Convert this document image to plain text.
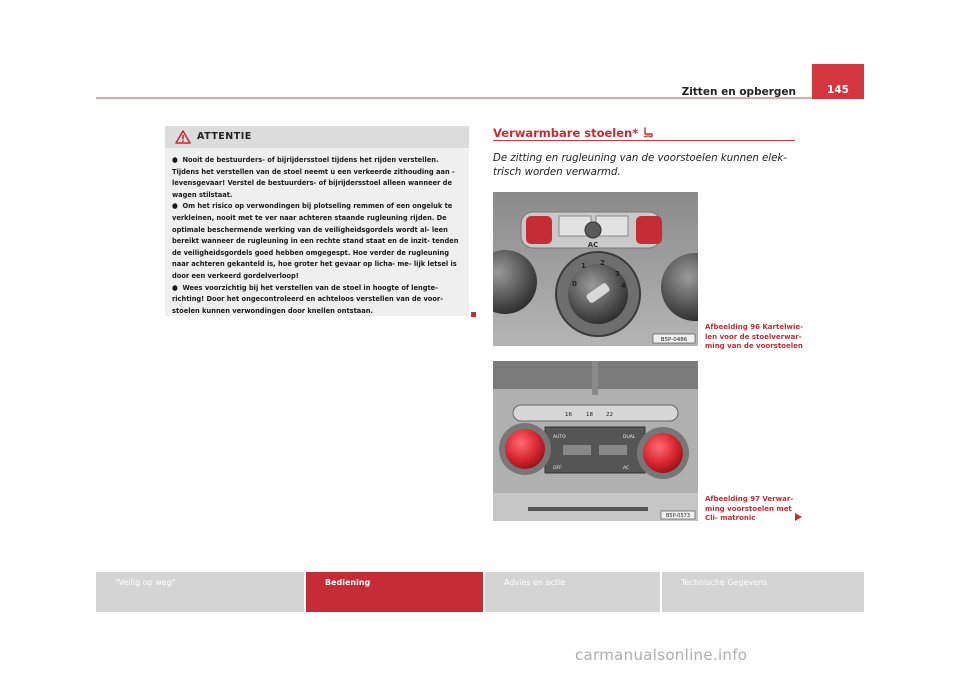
Zitten en opbergen	145
ATTENTIE

● Nooit de bestuurders- of bijrijdersstoel tijdens het rijden verstellen. Tijdens het verstellen van de stoel neemt u een verkeerde zithouding aan - levensgevaar! Verstel de bestuurders- of bijrijdersstoel alleen wanneer de wagen stilstaat.

● Om het risico op verwondingen bij plotseling remmen of een ongeluk te verkleinen, nooit met te ver naar achteren staande rugleuning rijden. De optimale beschermende werking van de veiligheidsgordels wordt al- leen bereikt wanneer de rugleuning in een rechte stand staat en de inzit- tenden de veiligheidsgordels goed hebben omgegespt. Hoe verder de rugleuning naar achteren gekanteld is, hoe groter het gevaar op licha- me- lijk letsel is door een verkeerd gordelverloop!

● Wees voorzichtig bij het verstellen van de stoel in hoogte of lengte- richting! Door het ongecontroleerd en achteloos verstellen van de voor- stoelen kunnen verwondingen door knellen ontstaan.

Verwarmbare stoelen*
De zitting en rugleuning van de voorstoelen kunnen elek- trisch worden verwarmd.
AC
0
1 2
3
4
B5P-0486
Afbeelding 96 Kartelwie- len voor de stoelverwar- ming van de voorstoelen
16	18 22
AUTO	DUAL
OFF	AC
B5P-0573
Afbeelding 97 Verwar- ming voorstoelen met Cli- matronic
"Veilig op weg"	Bediening	Advies en actie	Technische Gegevens
carmanualsonline.info
